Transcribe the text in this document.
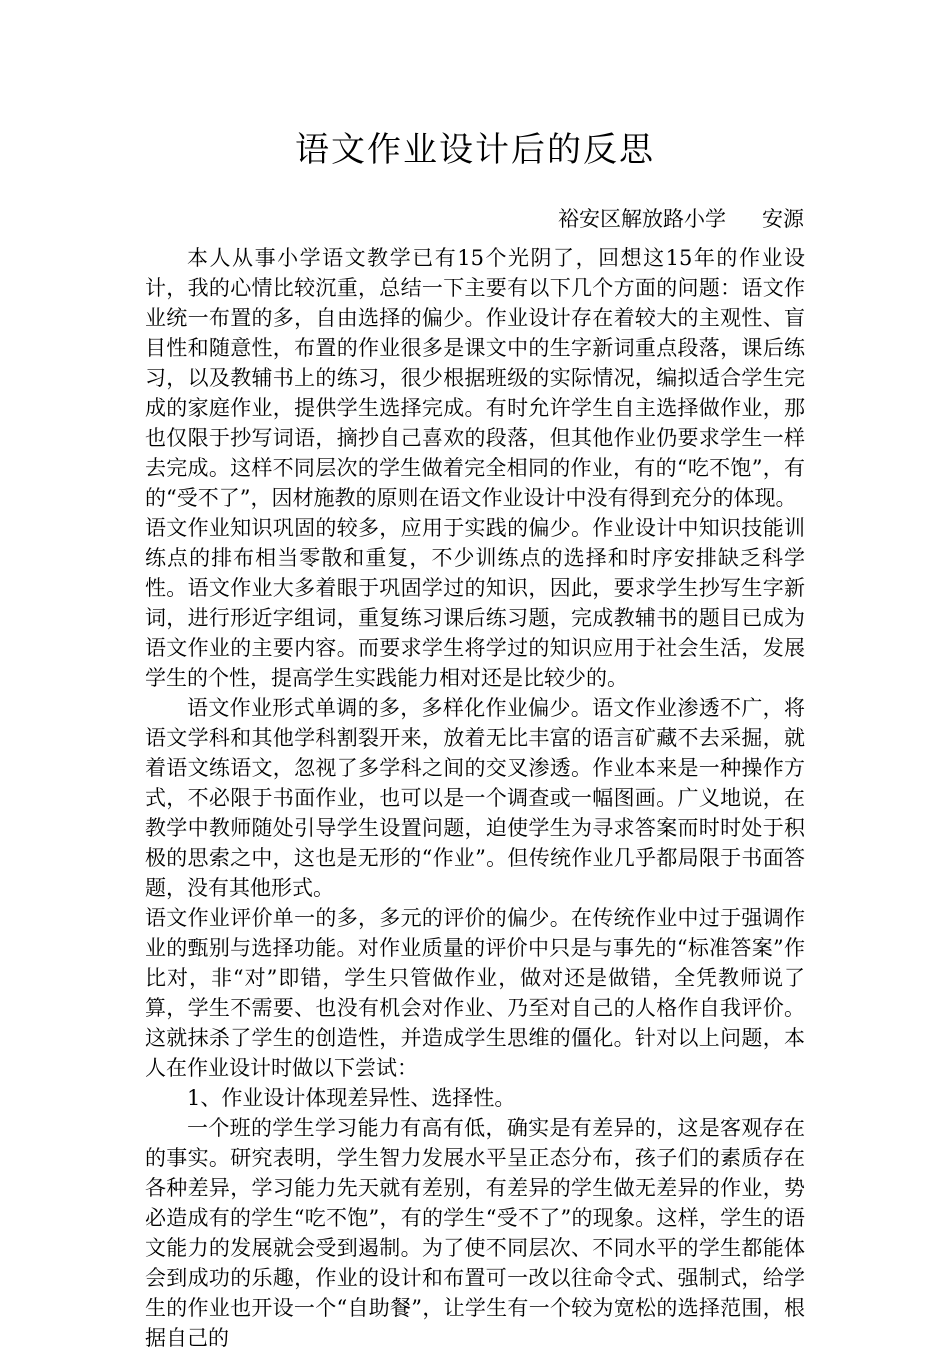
语文作业设计后的反思
裕安区解放路小学 安源

本人从事小学语文教学已有15个光阴了，回想这15年的作业设计，我的心情比较沉重，总结一下主要有以下几个方面的问题：语文作业统一布置的多，自由选择的偏少。作业设计存在着较大的主观性、盲目性和随意性，布置的作业很多是课文中的生字新词重点段落，课后练习，以及教辅书上的练习，很少根据班级的实际情况，编拟适合学生完成的家庭作业，提供学生选择完成。有时允许学生自主选择做作业，那也仅限于抄写词语，摘抄自己喜欢的段落，但其他作业仍要求学生一样去完成。这样不同层次的学生做着完全相同的作业，有的“吃不饱”，有的“受不了”，因材施教的原则在语文作业设计中没有得到充分的体现。

语文作业知识巩固的较多，应用于实践的偏少。作业设计中知识技能训练点的排布相当零散和重复，不少训练点的选择和时序安排缺乏科学性。语文作业大多着眼于巩固学过的知识，因此，要求学生抄写生字新词，进行形近字组词，重复练习课后练习题，完成教辅书的题目已成为语文作业的主要内容。而要求学生将学过的知识应用于社会生活，发展学生的个性，提高学生实践能力相对还是比较少的。

语文作业形式单调的多，多样化作业偏少。语文作业渗透不广，将语文学科和其他学科割裂开来，放着无比丰富的语言矿藏不去采掘，就着语文练语文，忽视了多学科之间的交叉渗透。作业本来是一种操作方式，不必限于书面作业，也可以是一个调查或一幅图画。广义地说，在教学中教师随处引导学生设置问题，迫使学生为寻求答案而时时处于积极的思索之中，这也是无形的“作业”。但传统作业几乎都局限于书面答题，没有其他形式。

语文作业评价单一的多，多元的评价的偏少。在传统作业中过于强调作业的甄别与选择功能。对作业质量的评价中只是与事先的“标准答案”作比对，非“对”即错，学生只管做作业，做对还是做错，全凭教师说了算，学生不需要、也没有机会对作业、乃至对自己的人格作自我评价。这就抹杀了学生的创造性，并造成学生思维的僵化。针对以上问题，本人在作业设计时做以下尝试：

1、作业设计体现差异性、选择性。

一个班的学生学习能力有高有低，确实是有差异的，这是客观存在的事实。研究表明，学生智力发展水平呈正态分布，孩子们的素质存在各种差异，学习能力先天就有差别，有差异的学生做无差异的作业，势必造成有的学生“吃不饱”，有的学生“受不了”的现象。这样，学生的语文能力的发展就会受到遏制。为了使不同层次、不同水平的学生都能体会到成功的乐趣，作业的设计和布置可一改以往命令式、强制式，给学生的作业也开设一个“自助餐”，让学生有一个较为宽松的选择范围，根据自己的
